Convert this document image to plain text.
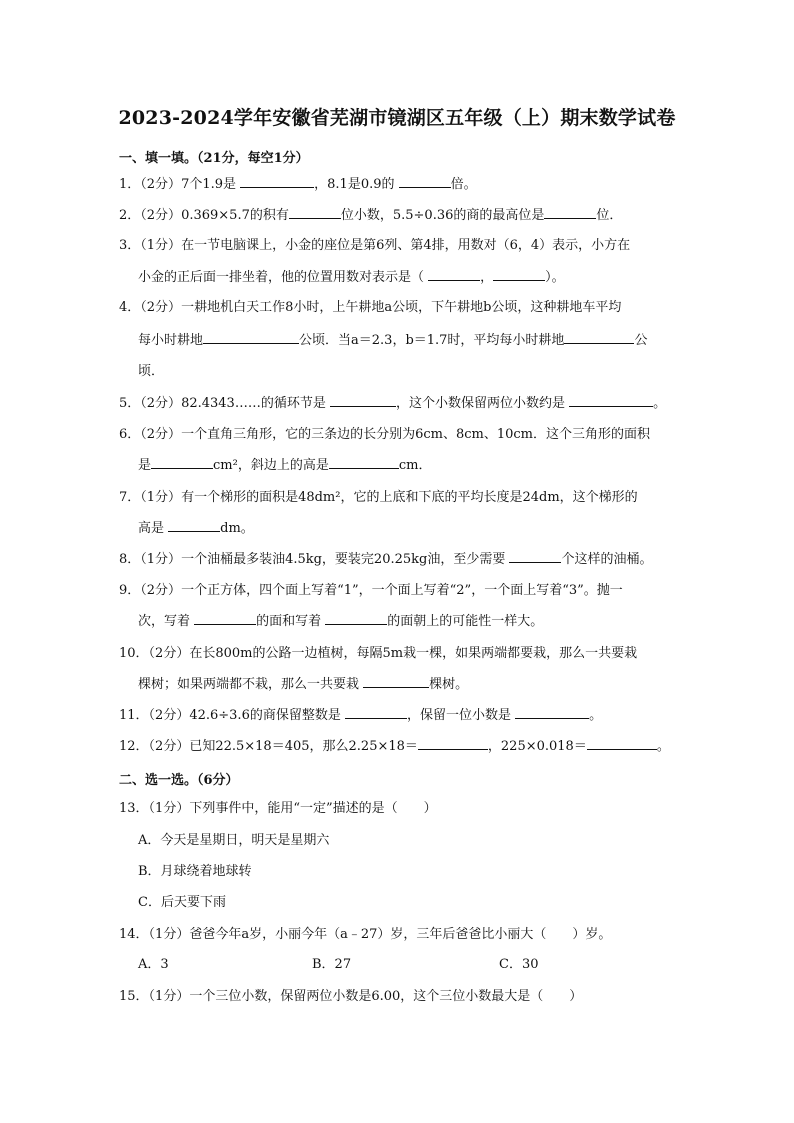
2023-2024学年安徽省芜湖市镜湖区五年级（上）期末数学试卷
一、填一填。（21分，每空1分）
1．（2分）7个1.9是	，8.1是0.9的	倍。
2．（2分）0.369×5.7的积有	位小数，5.5÷0.36的商的最高位是	位．
3．（1分）在一节电脑课上，小金的座位是第6列、第4排，用数对（6，4）表示，小方在
小金的正后面一排坐着，他的位置用数对表示是（	，	）。
4．（2分）一耕地机白天工作8小时，上午耕地a公顷，下午耕地b公顷，这种耕地车平均
每小时耕地	公顷．当a＝2.3，b＝1.7时，平均每小时耕地	公
顷．
5．（2分）82.4343……的循环节是	，这个小数保留两位小数约是	。
6．（2分）一个直角三角形，它的三条边的长分别为6cm、8cm、10cm．这个三角形的面积
是	cm²，斜边上的高是	cm．
7．（1分）有一个梯形的面积是48dm²，它的上底和下底的平均长度是24dm，这个梯形的
高是	dm。
8．（1分）一个油桶最多装油4.5kg，要装完20.25kg油，至少需要	个这样的油桶。
9．（2分）一个正方体，四个面上写着“1”，一个面上写着“2”，一个面上写着“3”。抛一
次，写着	的面和写着	的面朝上的可能性一样大。
10．（2分）在长800m的公路一边植树，每隔5m栽一棵，如果两端都要栽，那么一共要栽
棵树；如果两端都不栽，那么一共要栽	棵树。
11．（2分）42.6÷3.6的商保留整数是	，保留一位小数是	。
12．（2分）已知22.5×18＝405，那么2.25×18＝	，225×0.018＝	。
二、选一选。（6分）
13．（1分）下列事件中，能用“一定”描述的是（　　）
A．今天是星期日，明天是星期六
B．月球绕着地球转
C．后天要下雨
14．（1分）爸爸今年a岁，小丽今年（a﹣27）岁，三年后爸爸比小丽大（　　）岁。
A．3	B．27	C．30
15．（1分）一个三位小数，保留两位小数是6.00，这个三位小数最大是（　　）
